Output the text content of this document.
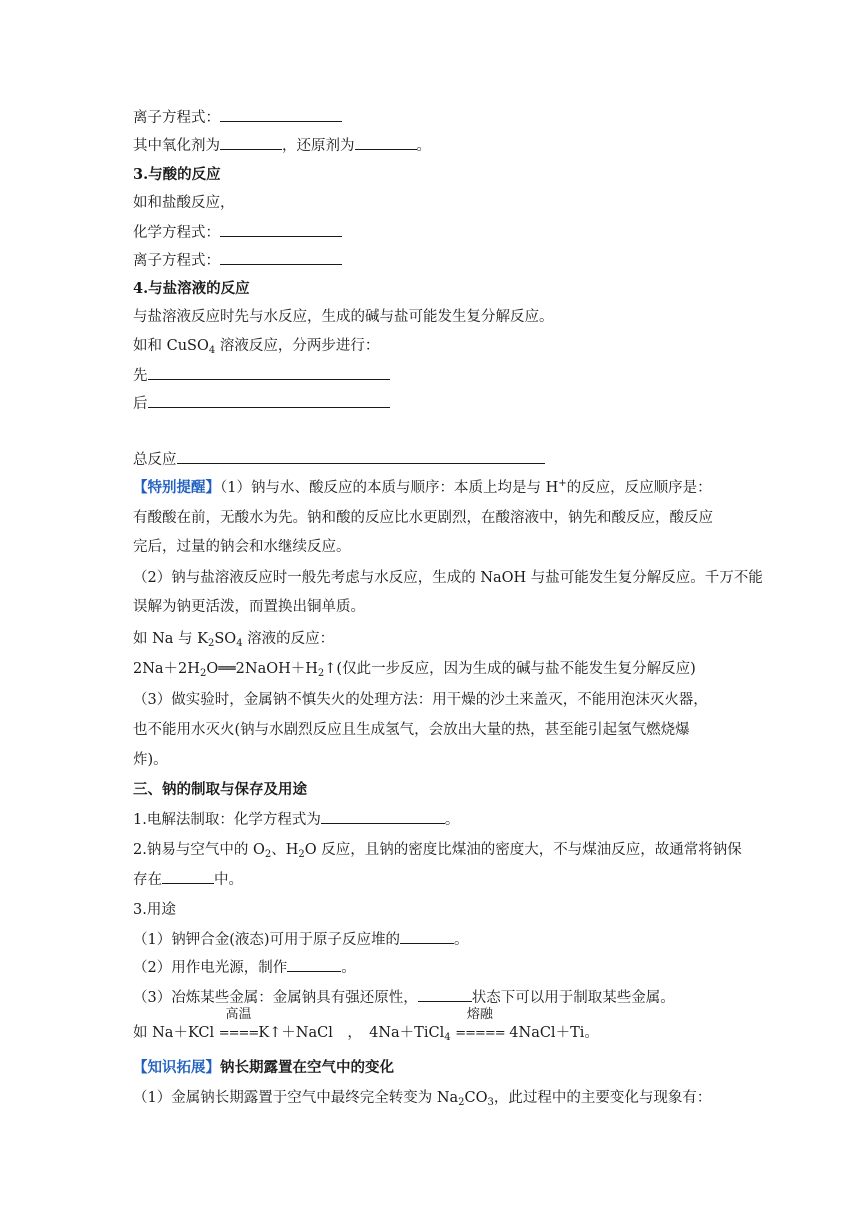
离子方程式：
其中氧化剂为	，还原剂为	。
3.与酸的反应
如和盐酸反应，
化学方程式：
离子方程式：
4.与盐溶液的反应
与盐溶液反应时先与水反应，生成的碱与盐可能发生复分解反应。
如和 CuSO$_4$ 溶液反应，分两步进行：
先
后
总反应
【特别提醒】（1）钠与水、酸反应的本质与顺序：本质上均是与 H+的反应，反应顺序是：
有酸酸在前，无酸水为先。钠和酸的反应比水更剧烈，在酸溶液中，钠先和酸反应，酸反应
完后，过量的钠会和水继续反应。
（2）钠与盐溶液反应时一般先考虑与水反应，生成的 NaOH 与盐可能发生复分解反应。千万不能
误解为钠更活泼，而置换出铜单质。
如 Na 与 $K_2SO_4$ 溶液的反应：
$2Na+2H_2O══2NaOH+H_2↑$(仅此一步反应，因为生成的碱与盐不能发生复分解反应)
（3）做实验时，金属钠不慎失火的处理方法：用干燥的沙土来盖灭，不能用泡沫灭火器，
也不能用水灭火(钠与水剧烈反应且生成氢气，会放出大量的热，甚至能引起氢气燃烧爆
炸)。
三、钠的制取与保存及用途
1.电解法制取：化学方程式为	。
2.钠易与空气中的 $O_2$、$H_2O$ 反应，且钠的密度比煤油的密度大，不与煤油反应，故通常将钠保
存在	中。
3.用途
（1）钠钾合金(液态)可用于原子反应堆的	。
（2）用作电光源，制作	。
（3）冶炼某些金属：金属钠具有强还原性，	状态下可以用于制取某些金属。
如 Na＋KCl
高温
====K↑＋NaCl　，　4Na＋TiCl$_4$
熔融
===== 4NaCl＋Ti。
【知识拓展】钠长期露置在空气中的变化
（1）金属钠长期露置于空气中最终完全转变为 $Na_2CO_3$，此过程中的主要变化与现象有：
